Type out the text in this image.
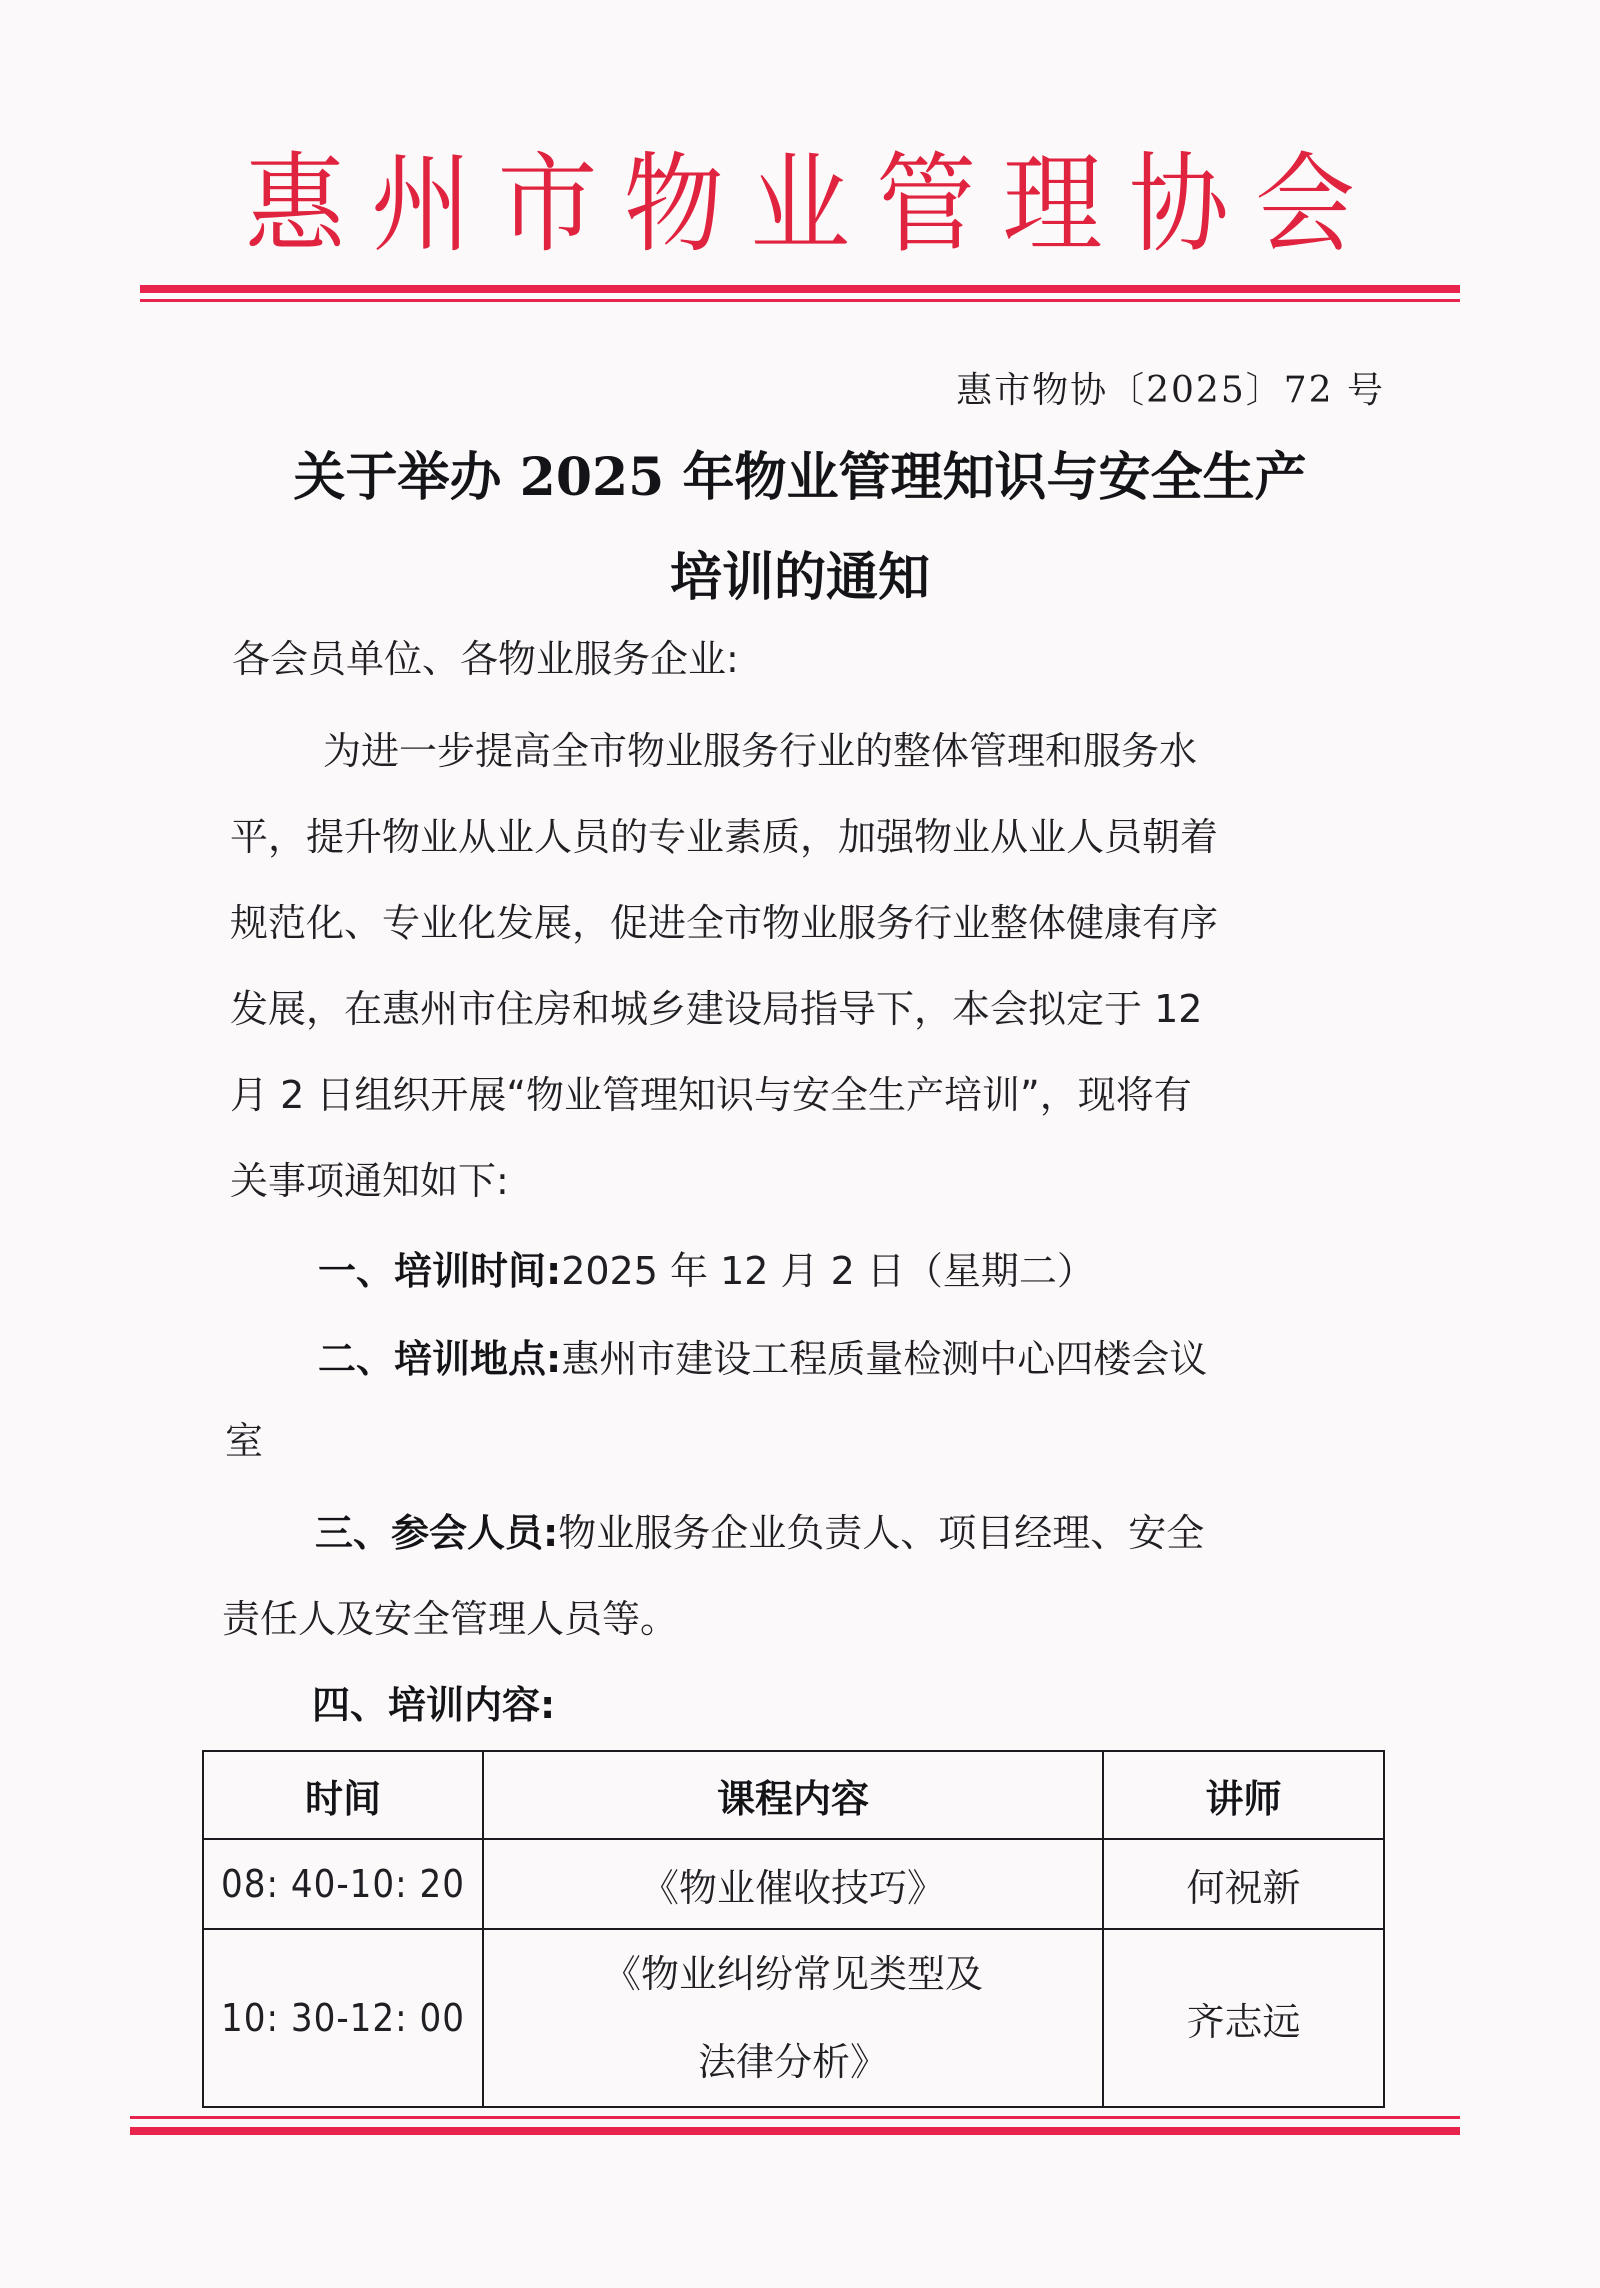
惠 州 市 物 业 管 理 协 会
惠市物协〔2025〕72 号
关于举办 2025 年物业管理知识与安全生产
培训的通知
各会员单位、各物业服务企业:
为进一步提高全市物业服务行业的整体管理和服务水
平，提升物业从业人员的专业素质，加强物业从业人员朝着
规范化、专业化发展，促进全市物业服务行业整体健康有序
发展，在惠州市住房和城乡建设局指导下，本会拟定于 12
月 2 日组织开展“物业管理知识与安全生产培训”，现将有
关事项通知如下:
一、培训时间:2025 年 12 月 2 日（星期二）
二、培训地点:惠州市建设工程质量检测中心四楼会议
室
三、参会人员:物业服务企业负责人、项目经理、安全
责任人及安全管理人员等。
四、培训内容:
时间	课程内容	讲师
08: 40-10: 20	《物业催收技巧》	何祝新
10: 30-12: 00	《物业纠纷常见类型及
法律分析》	齐志远
